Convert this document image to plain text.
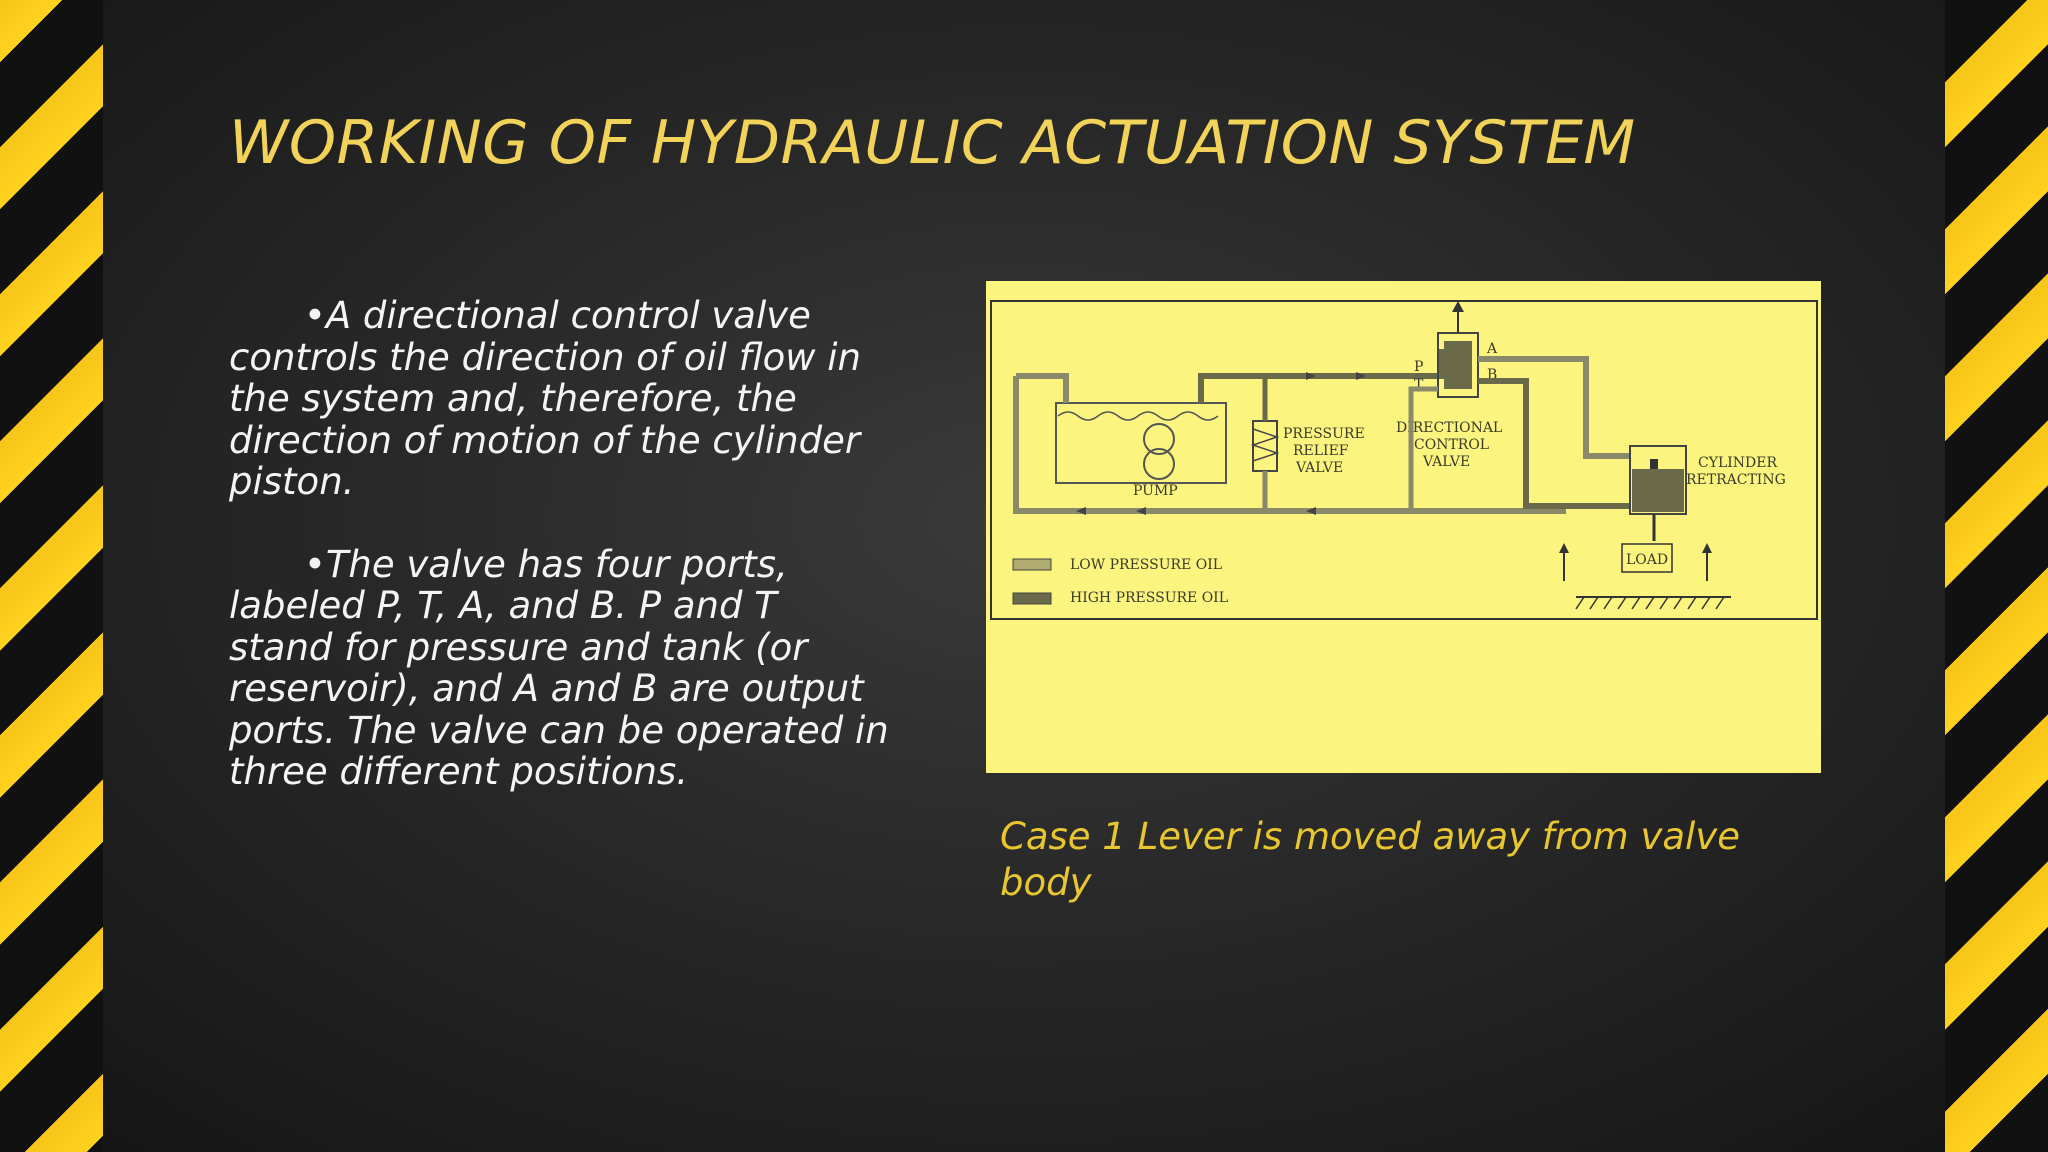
WORKING OF HYDRAULIC ACTUATION SYSTEM

•A directional control valve controls the direction of oil flow in the system and, therefore, the direction of motion of the cylinder piston.

•The valve has four ports, labeled P, T, A, and B. P and T stand for pressure and tank (or reservoir), and A and B are output ports. The valve can be operated in three different positions.

PUMP
PRESSURE
RELIEF
VALVE
P
T
A
B
DIRECTIONAL
CONTROL
VALVE	CYLINDER
RETRACTING
LOAD
LOW PRESSURE OIL
HIGH PRESSURE OIL
Case 1 Lever is moved away from valve body
